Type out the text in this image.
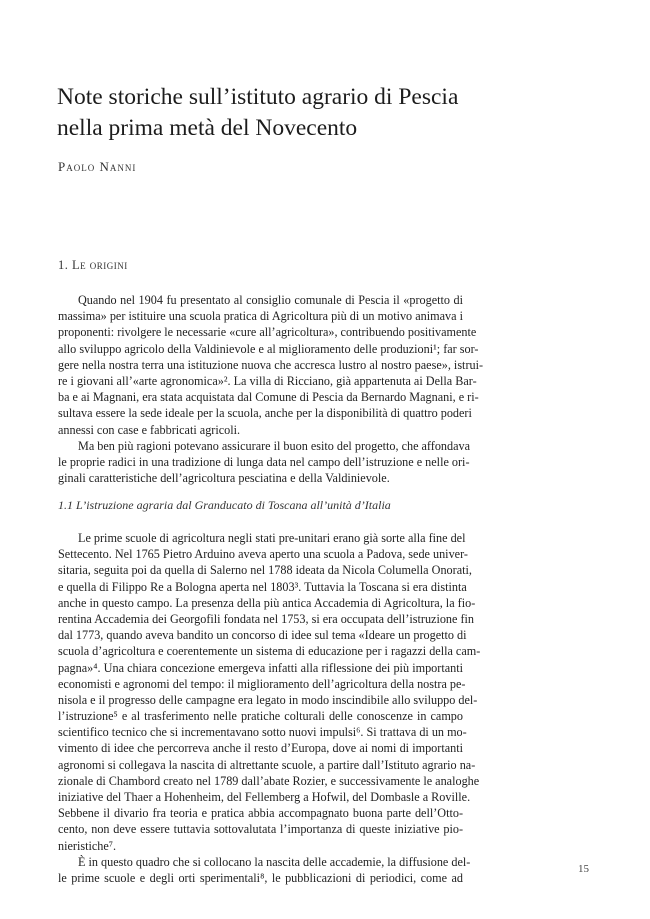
Note storiche sull’istituto agrario di Pescia
nella prima metà del Novecento
Paolo Nanni
1. Le origini
Quando nel 1904 fu presentato al consiglio comunale di Pescia il «progetto di
massima» per istituire una scuola pratica di Agricoltura più di un motivo animava i
proponenti: rivolgere le necessarie «cure all’agricoltura», contribuendo positivamente
allo sviluppo agricolo della Valdinievole e al miglioramento delle produzioni¹; far sor-
gere nella nostra terra una istituzione nuova che accresca lustro al nostro paese», istrui-
re i giovani all’«arte agronomica»². La villa di Ricciano, già appartenuta ai Della Bar-
ba e ai Magnani, era stata acquistata dal Comune di Pescia da Bernardo Magnani, e ri-
sultava essere la sede ideale per la scuola, anche per la disponibilità di quattro poderi
annessi con case e fabbricati agricoli.
Ma ben più ragioni potevano assicurare il buon esito del progetto, che affondava
le proprie radici in una tradizione di lunga data nel campo dell’istruzione e nelle ori-
ginali caratteristiche dell’agricoltura pesciatina e della Valdinievole.
1.1 L’istruzione agraria dal Granducato di Toscana all’unità d’Italia
Le prime scuole di agricoltura negli stati pre-unitari erano già sorte alla fine del
Settecento. Nel 1765 Pietro Arduino aveva aperto una scuola a Padova, sede univer-
sitaria, seguita poi da quella di Salerno nel 1788 ideata da Nicola Columella Onorati,
e quella di Filippo Re a Bologna aperta nel 1803³. Tuttavia la Toscana si era distinta
anche in questo campo. La presenza della più antica Accademia di Agricoltura, la fio-
rentina Accademia dei Georgofili fondata nel 1753, si era occupata dell’istruzione fin
dal 1773, quando aveva bandito un concorso di idee sul tema «Ideare un progetto di
scuola d’agricoltura e coerentemente un sistema di educazione per i ragazzi della cam-
pagna»⁴. Una chiara concezione emergeva infatti alla riflessione dei più importanti
economisti e agronomi del tempo: il miglioramento dell’agricoltura della nostra pe-
nisola e il progresso delle campagne era legato in modo inscindibile allo sviluppo del-
l’istruzione⁵ e al trasferimento nelle pratiche colturali delle conoscenze in campo
scientifico tecnico che si incrementavano sotto nuovi impulsi⁶. Si trattava di un mo-
vimento di idee che percorreva anche il resto d’Europa, dove ai nomi di importanti
agronomi si collegava la nascita di altrettante scuole, a partire dall’Istituto agrario na-
zionale di Chambord creato nel 1789 dall’abate Rozier, e successivamente le analoghe
iniziative del Thaer a Hohenheim, del Fellemberg a Hofwil, del Dombasle a Roville.
Sebbene il divario fra teoria e pratica abbia accompagnato buona parte dell’Otto-
cento, non deve essere tuttavia sottovalutata l’importanza di queste iniziative pio-
nieristiche⁷.
È in questo quadro che si collocano la nascita delle accademie, la diffusione del-
le prime scuole e degli orti sperimentali⁸, le pubblicazioni di periodici, come ad
15
